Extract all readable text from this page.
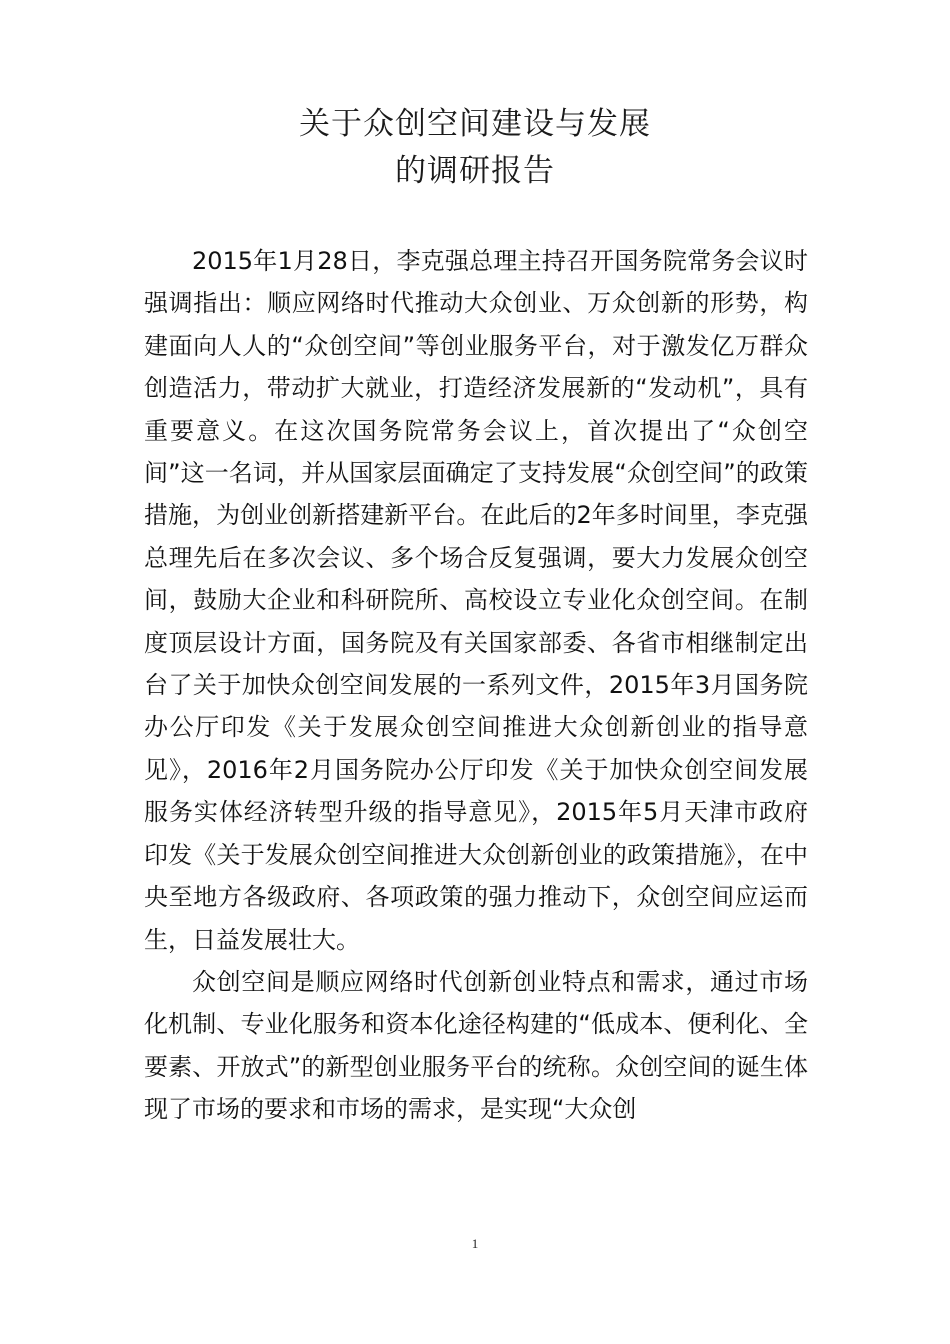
关于众创空间建设与发展
的调研报告

2015年1月28日，李克强总理主持召开国务院常务会议时强调指出：顺应网络时代推动大众创业、万众创新的形势，构建面向人人的“众创空间”等创业服务平台，对于激发亿万群众创造活力，带动扩大就业，打造经济发展新的“发动机”，具有重要意义。在这次国务院常务会议上，首次提出了“众创空间”这一名词，并从国家层面确定了支持发展“众创空间”的政策措施，为创业创新搭建新平台。在此后的2年多时间里，李克强总理先后在多次会议、多个场合反复强调，要大力发展众创空间，鼓励大企业和科研院所、高校设立专业化众创空间。在制度顶层设计方面，国务院及有关国家部委、各省市相继制定出台了关于加快众创空间发展的一系列文件，2015年3月国务院办公厅印发《关于发展众创空间推进大众创新创业的指导意见》，2016年2月国务院办公厅印发《关于加快众创空间发展服务实体经济转型升级的指导意见》，2015年5月天津市政府印发《关于发展众创空间推进大众创新创业的政策措施》，在中央至地方各级政府、各项政策的强力推动下，众创空间应运而生，日益发展壮大。

众创空间是顺应网络时代创新创业特点和需求，通过市场化机制、专业化服务和资本化途径构建的“低成本、便利化、全要素、开放式”的新型创业服务平台的统称。众创空间的诞生体现了市场的要求和市场的需求，是实现“大众创

1
